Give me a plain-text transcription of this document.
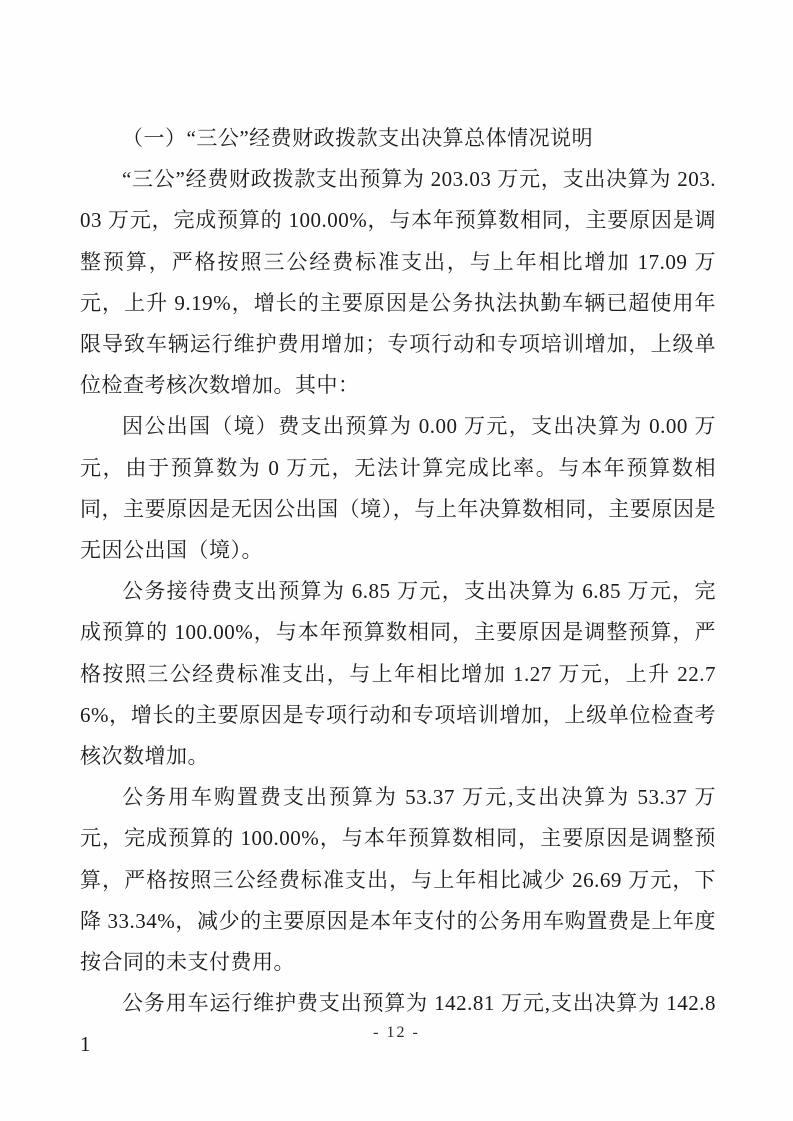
（一）“三公”经费财政拨款支出决算总体情况说明

“三公”经费财政拨款支出预算为 203.03 万元，支出决算为 203.03 万元，完成预算的 100.00%，与本年预算数相同，主要原因是调整预算，严格按照三公经费标准支出，与上年相比增加 17.09 万元，上升 9.19%，增长的主要原因是公务执法执勤车辆已超使用年限导致车辆运行维护费用增加；专项行动和专项培训增加，上级单位检查考核次数增加。其中：

因公出国（境）费支出预算为 0.00 万元，支出决算为 0.00 万元，由于预算数为 0 万元，无法计算完成比率。与本年预算数相同，主要原因是无因公出国（境），与上年决算数相同，主要原因是无因公出国（境）。

公务接待费支出预算为 6.85 万元，支出决算为 6.85 万元，完成预算的 100.00%，与本年预算数相同，主要原因是调整预算，严格按照三公经费标准支出，与上年相比增加 1.27 万元，上升 22.76%，增长的主要原因是专项行动和专项培训增加，上级单位检查考核次数增加。

公务用车购置费支出预算为 53.37 万元,支出决算为 53.37 万元，完成预算的 100.00%，与本年预算数相同，主要原因是调整预算，严格按照三公经费标准支出，与上年相比减少 26.69 万元，下降 33.34%，减少的主要原因是本年支付的公务用车购置费是上年度按合同的未支付费用。

公务用车运行维护费支出预算为 142.81 万元,支出决算为 142.81	- 12 -
